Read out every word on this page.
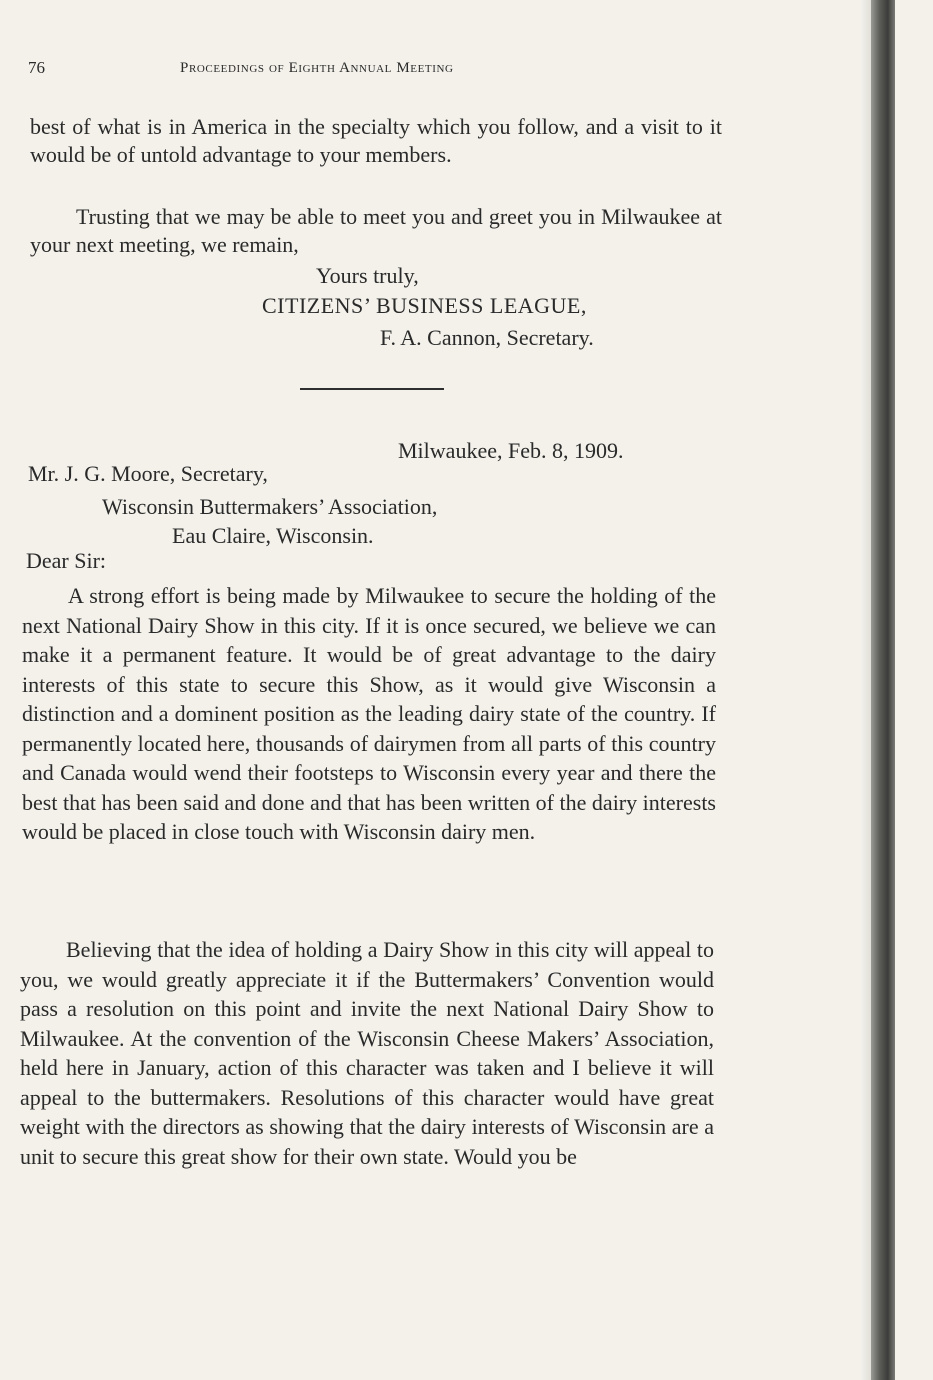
76	Proceedings of Eighth Annual Meeting

best of what is in America in the specialty which you follow, and a visit to it would be of untold advantage to your members.

Trusting that we may be able to meet you and greet you in Milwaukee at your next meeting, we remain,

Yours truly,

CITIZENS’ BUSINESS LEAGUE,

F. A. Cannon, Secretary.

Milwaukee, Feb. 8, 1909.

Mr. J. G. Moore, Secretary,

Wisconsin Buttermakers’ Association,

Eau Claire, Wisconsin.

Dear Sir:

A strong effort is being made by Milwaukee to secure the holding of the next National Dairy Show in this city. If it is once secured, we believe we can make it a permanent feature. It would be of great advantage to the dairy interests of this state to secure this Show, as it would give Wisconsin a distinction and a dominent position as the leading dairy state of the country. If permanently located here, thousands of dairymen from all parts of this country and Canada would wend their footsteps to Wisconsin every year and there the best that has been said and done and that has been written of the dairy interests would be placed in close touch with Wisconsin dairy men.

Believing that the idea of holding a Dairy Show in this city will appeal to you, we would greatly appreciate it if the Buttermakers’ Convention would pass a resolution on this point and invite the next National Dairy Show to Milwaukee. At the convention of the Wisconsin Cheese Makers’ Association, held here in January, action of this character was taken and I believe it will appeal to the buttermakers. Resolutions of this character would have great weight with the directors as showing that the dairy interests of Wisconsin are a unit to secure this great show for their own state. Would you be
